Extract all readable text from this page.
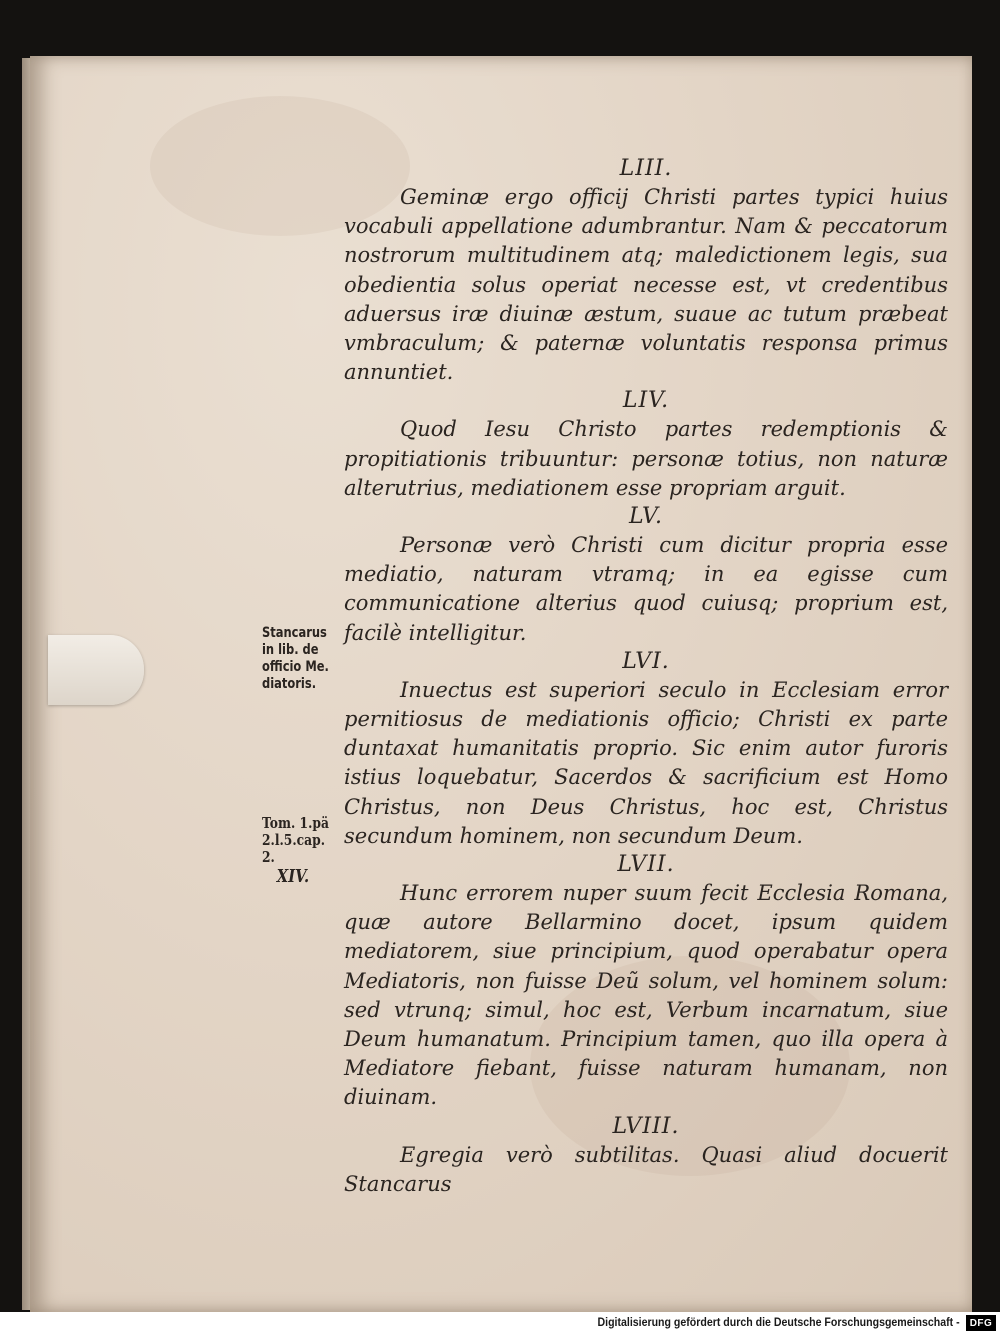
LIII.

Geminæ ergo officij Christi partes typici huius vocabuli appellatione adumbrantur. Nam & peccatorum nostrorum multitudinem atq; maledictionem legis, sua obedientia solus operiat necesse est, vt credentibus aduersus iræ diuinæ æstum, suaue ac tutum præbeat vmbraculum; & paternæ voluntatis responsa primus annuntiet.

LIV.

Quod Iesu Christo partes redemptionis & propitiationis tribuuntur: personæ totius, non naturæ alterutrius, mediationem esse propriam arguit.

LV.

Personæ verò Christi cum dicitur propria esse mediatio, naturam vtramq; in ea egisse cum communicatione alterius quod cuiusq; proprium est, facilè intelligitur.

LVI.

Inuectus est superiori seculo in Ecclesiam error pernitiosus de mediationis officio; Christi ex parte duntaxat humanitatis proprio. Sic enim autor furoris istius loquebatur, Sacerdos & sacrificium est Homo Christus, non Deus Christus, hoc est, Christus secundum hominem, non secundum Deum.

LVII.

Hunc errorem nuper suum fecit Ecclesia Romana, quæ autore Bellarmino docet, ipsum quidem mediatorem, siue principium, quod operabatur opera Mediatoris, non fuisse Deũ solum, vel hominem solum: sed vtrunq; simul, hoc est, Verbum incarnatum, siue Deum humanatum. Principium tamen, quo illa opera à Mediatore fiebant, fuisse naturam humanam, non diuinam.

LVIII.

Egregia verò subtilitas. Quasi aliud docuerit Stancarus

Stancarus
in lib. de
officio Me.
diatoris.
Tom. 1.pä
2.l.5.cap.
2.
XIV.
Digitalisierung gefördert durch die Deutsche Forschungsgemeinschaft - DFG
